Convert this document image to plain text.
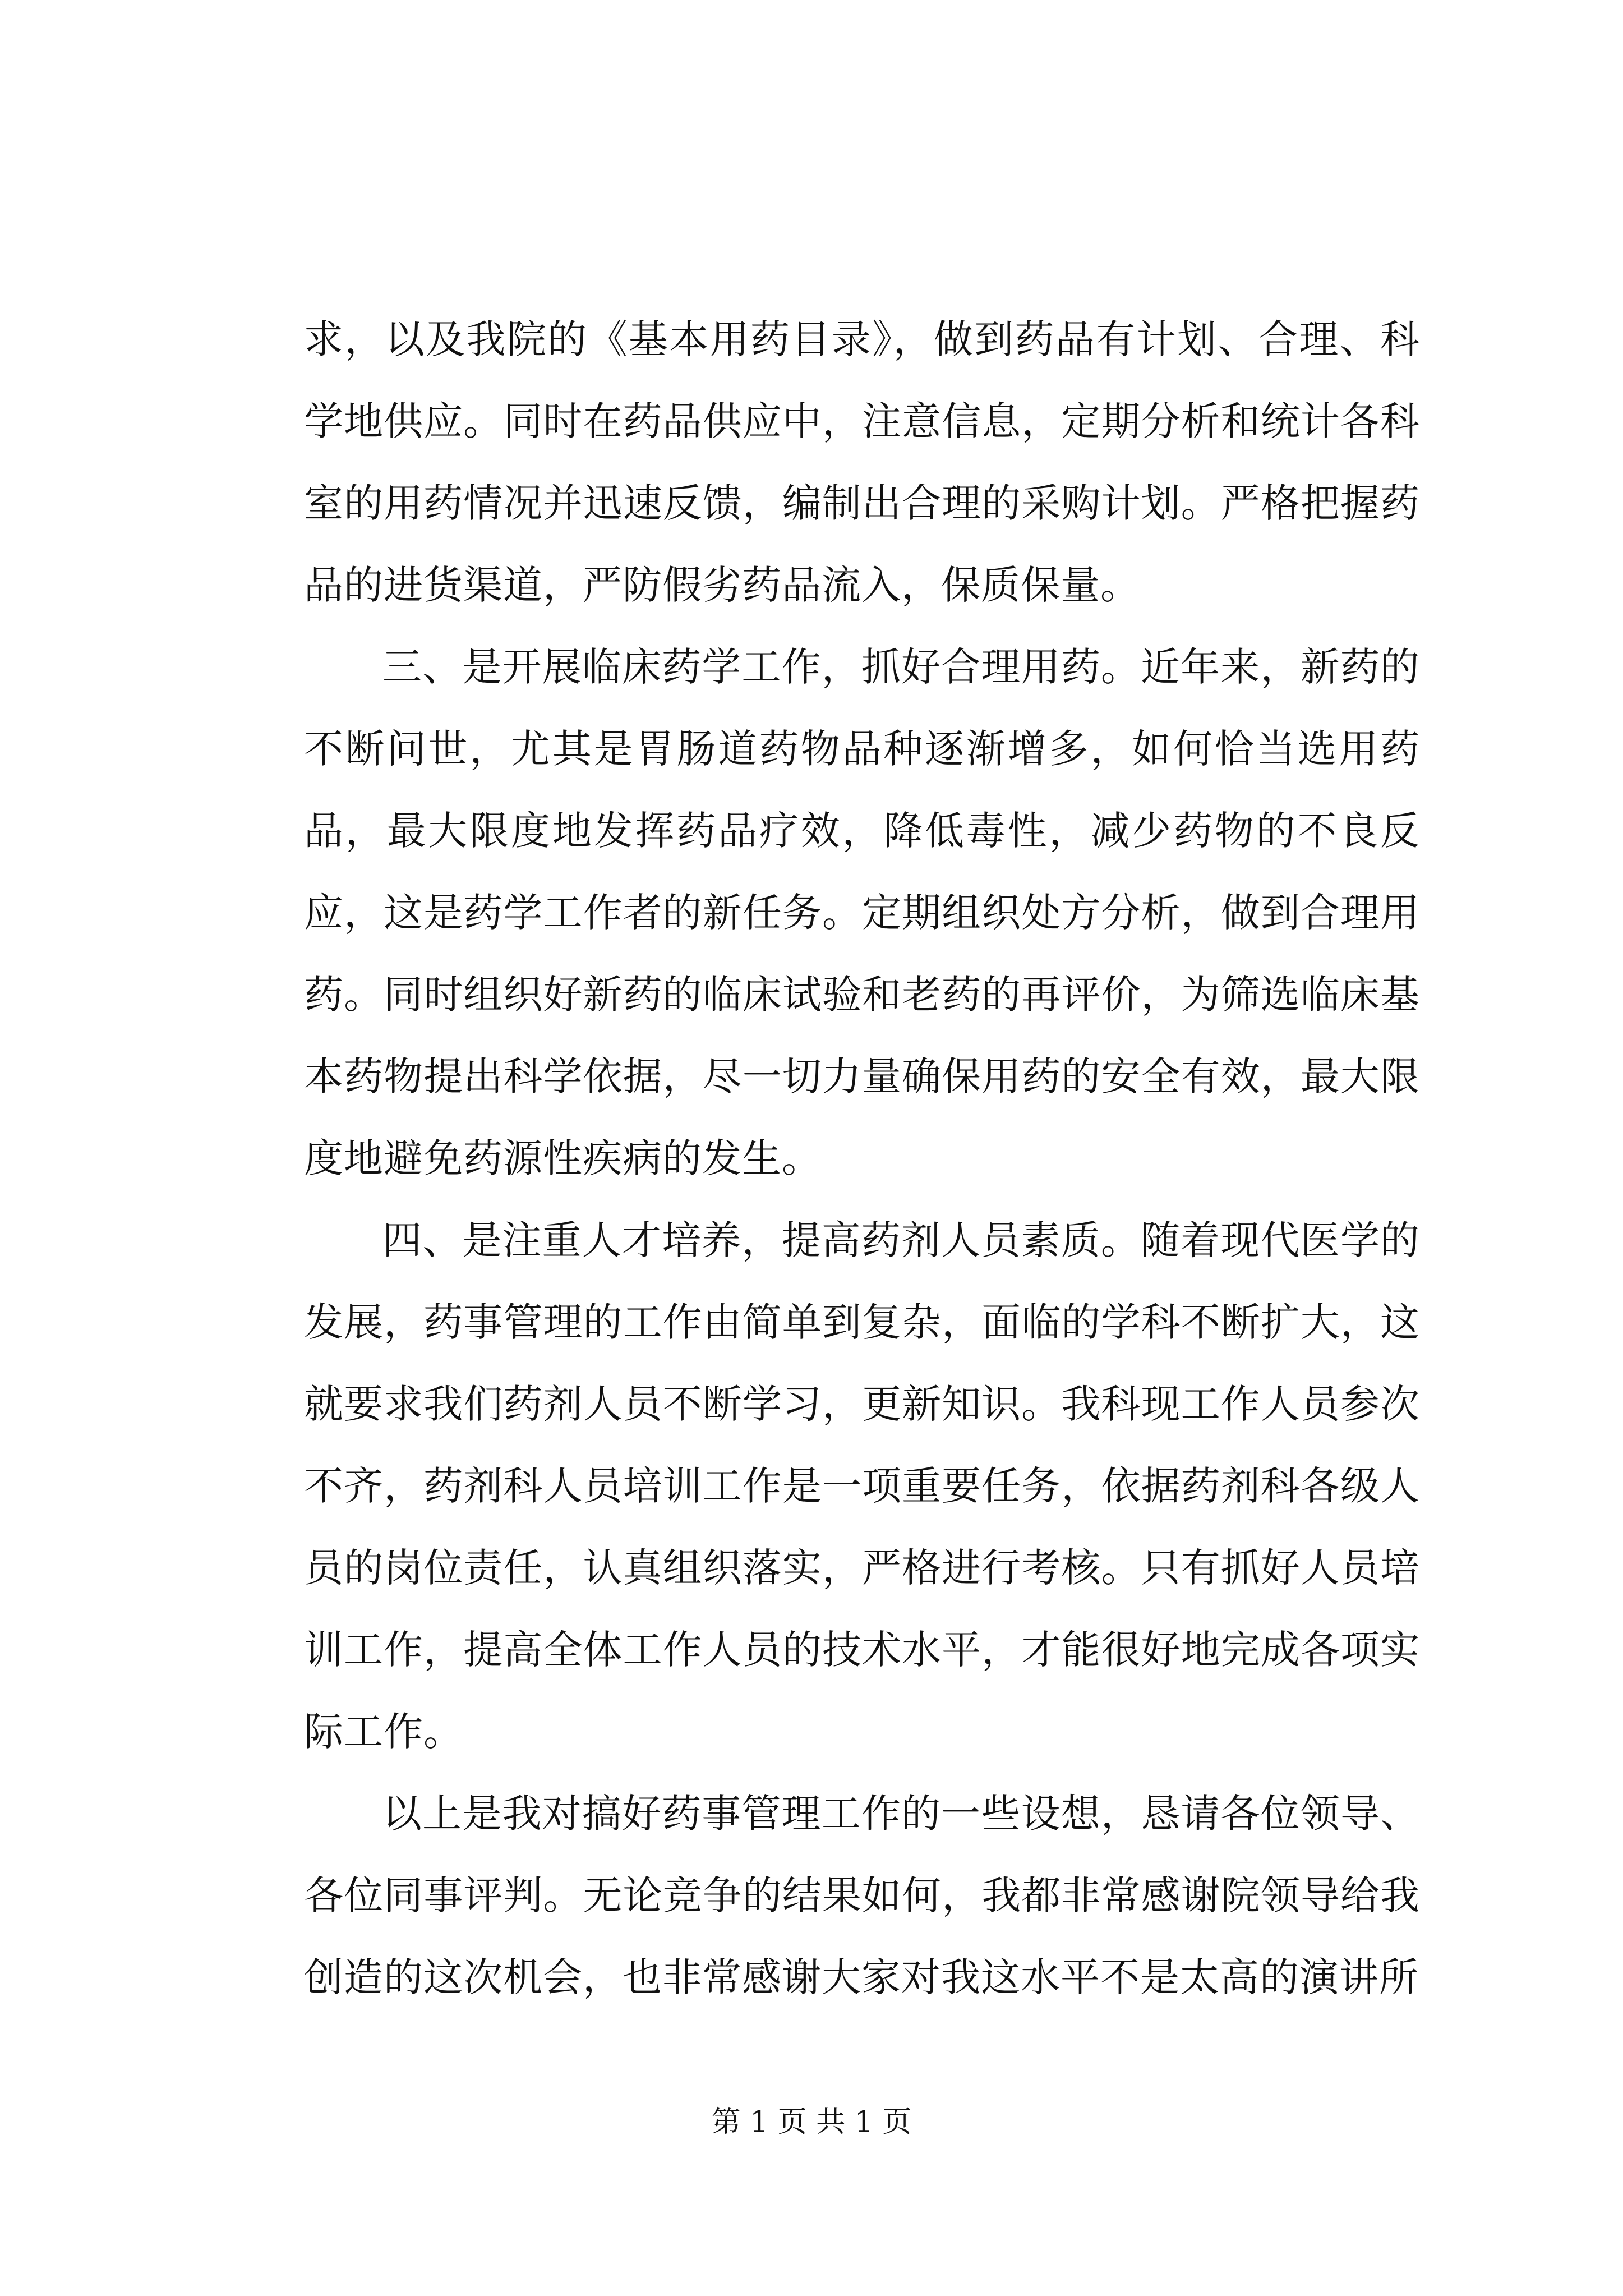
求，以及我院的《基本用药目录》，做到药品有计划、合理、科学地供应。同时在药品供应中，注意信息，定期分析和统计各科室的用药情况并迅速反馈，编制出合理的采购计划。严格把握药品的进货渠道，严防假劣药品流入，保质保量。

三、是开展临床药学工作，抓好合理用药。近年来，新药的不断问世，尤其是胃肠道药物品种逐渐增多，如何恰当选用药品，最大限度地发挥药品疗效，降低毒性，减少药物的不良反应，这是药学工作者的新任务。定期组织处方分析，做到合理用药。同时组织好新药的临床试验和老药的再评价，为筛选临床基本药物提出科学依据，尽一切力量确保用药的安全有效，最大限度地避免药源性疾病的发生。

四、是注重人才培养，提高药剂人员素质。随着现代医学的发展，药事管理的工作由简单到复杂，面临的学科不断扩大，这就要求我们药剂人员不断学习，更新知识。我科现工作人员参次不齐，药剂科人员培训工作是一项重要任务，依据药剂科各级人员的岗位责任，认真组织落实，严格进行考核。只有抓好人员培训工作，提高全体工作人员的技术水平，才能很好地完成各项实际工作。

以上是我对搞好药事管理工作的一些设想，恳请各位领导、各位同事评判。无论竞争的结果如何，我都非常感谢院领导给我创造的这次机会，也非常感谢大家对我这水平不是太高的演讲所

第 1 页 共 1 页
